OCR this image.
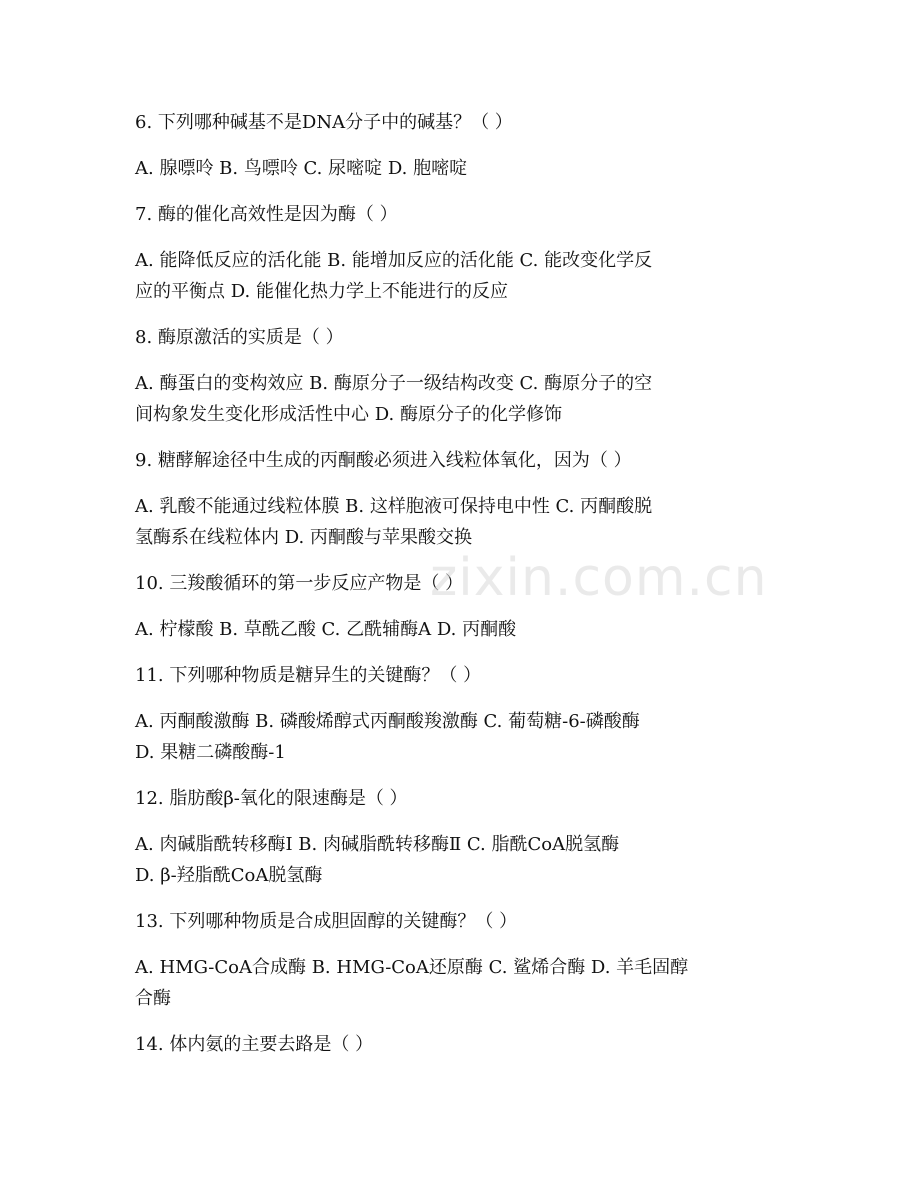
6. 下列哪种碱基不是DNA分子中的碱基？（ ）
A. 腺嘌呤 B. 鸟嘌呤 C. 尿嘧啶 D. 胞嘧啶
7. 酶的催化高效性是因为酶（ ）
A. 能降低反应的活化能 B. 能增加反应的活化能 C. 能改变化学反
应的平衡点 D. 能催化热力学上不能进行的反应
8. 酶原激活的实质是（ ）
A. 酶蛋白的变构效应 B. 酶原分子一级结构改变 C. 酶原分子的空
间构象发生变化形成活性中心 D. 酶原分子的化学修饰
9. 糖酵解途径中生成的丙酮酸必须进入线粒体氧化，因为（ ）
A. 乳酸不能通过线粒体膜 B. 这样胞液可保持电中性 C. 丙酮酸脱
氢酶系在线粒体内 D. 丙酮酸与苹果酸交换
10. 三羧酸循环的第一步反应产物是（ ）
A. 柠檬酸 B. 草酰乙酸 C. 乙酰辅酶A D. 丙酮酸
11. 下列哪种物质是糖异生的关键酶？（ ）
A. 丙酮酸激酶 B. 磷酸烯醇式丙酮酸羧激酶 C. 葡萄糖-6-磷酸酶
D. 果糖二磷酸酶-1
12. 脂肪酸β-氧化的限速酶是（ ）
A. 肉碱脂酰转移酶Ⅰ B. 肉碱脂酰转移酶Ⅱ C. 脂酰CoA脱氢酶
D. β-羟脂酰CoA脱氢酶
13. 下列哪种物质是合成胆固醇的关键酶？（ ）
A. HMG-CoA合成酶 B. HMG-CoA还原酶 C. 鲨烯合酶 D. 羊毛固醇
合酶
14. 体内氨的主要去路是（ ）
zixin.com.cn
